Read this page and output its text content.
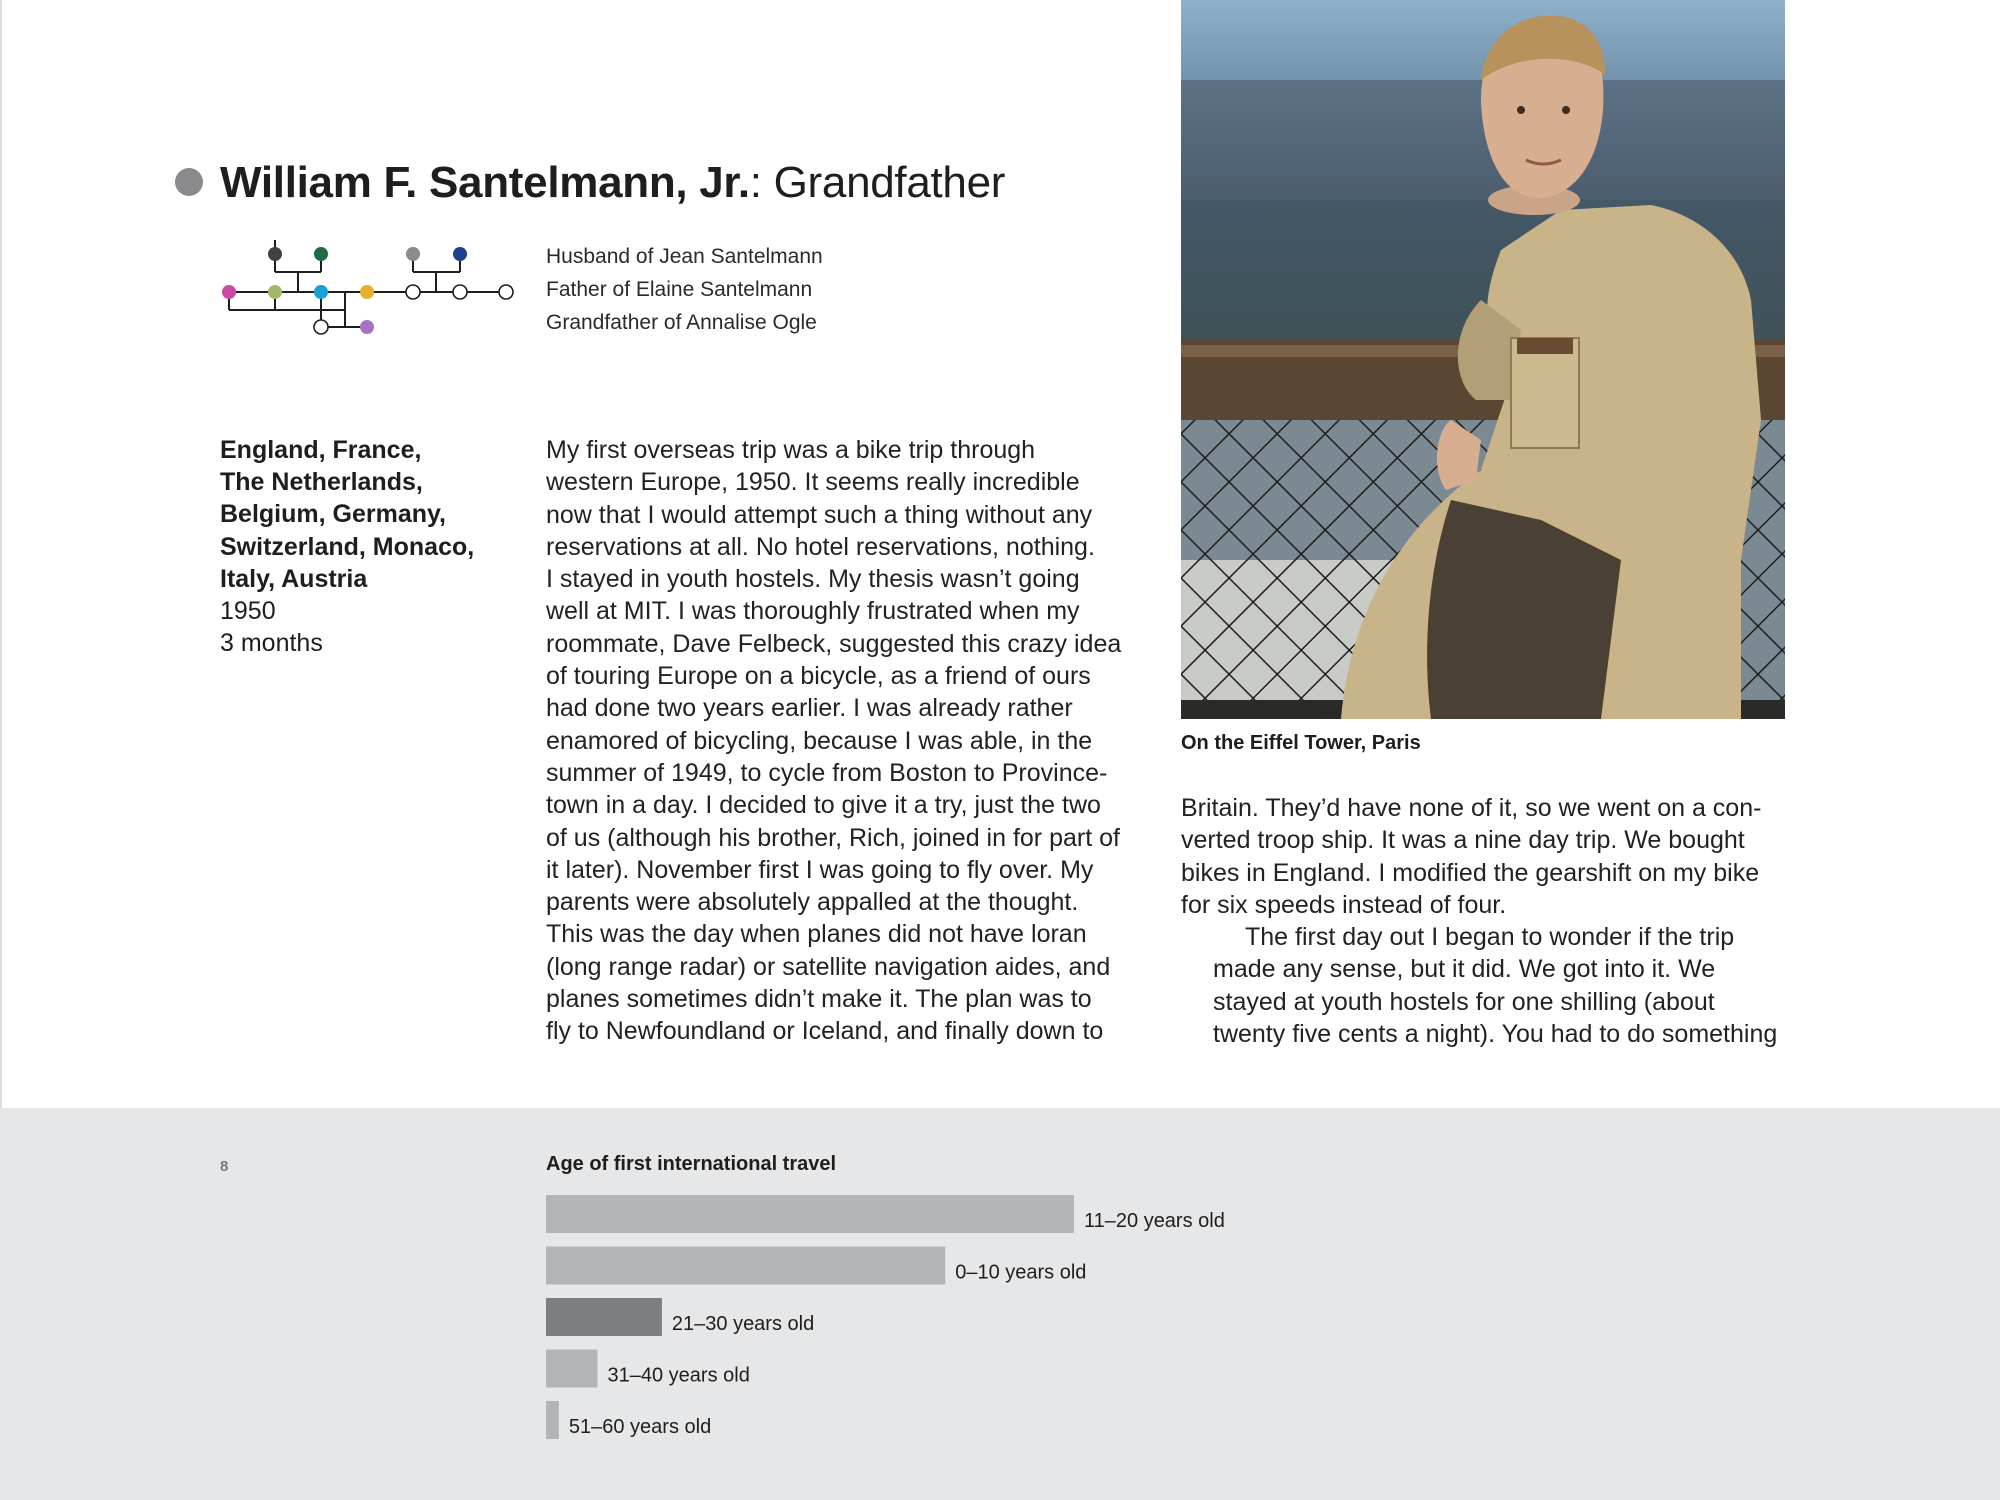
William F. Santelmann, Jr.: Grandfather
Husband of Jean Santelmann
Father of Elaine Santelmann
Grandfather of Annalise Ogle
England, France,
The Netherlands,
Belgium, Germany,
Switzerland, Monaco,
Italy, Austria
1950
3 months
My first overseas trip was a bike trip through
western Europe, 1950. It seems really incredible
now that I would attempt such a thing without any
reservations at all. No hotel reservations, nothing.
I stayed in youth hostels. My thesis wasn’t going
well at MIT. I was thoroughly frustrated when my
roommate, Dave Felbeck, suggested this crazy idea
of touring Europe on a bicycle, as a friend of ours
had done two years earlier. I was already rather
enamored of bicycling, because I was able, in the
summer of 1949, to cycle from Boston to Province-
town in a day. I decided to give it a try, just the two
of us (although his brother, Rich, joined in for part of
it later). November first I was going to fly over. My
parents were absolutely appalled at the thought.
This was the day when planes did not have loran
(long range radar) or satellite navigation aides, and
planes sometimes didn’t make it. The plan was to
fly to Newfoundland or Iceland, and finally down to

Britain. They’d have none of it, so we went on a con-
verted troop ship. It was a nine day trip. We bought
bikes in England. I modified the gearshift on my bike
for six speeds instead of four.

The first day out I began to wonder if the trip
made any sense, but it did. We got into it. We
stayed at youth hostels for one shilling (about
twenty five cents a night). You had to do something

On the Eiffel Tower, Paris
8	Age of first international travel
11–20 years old
0–10 years old
21–30 years old
31–40 years old
51–60 years old
